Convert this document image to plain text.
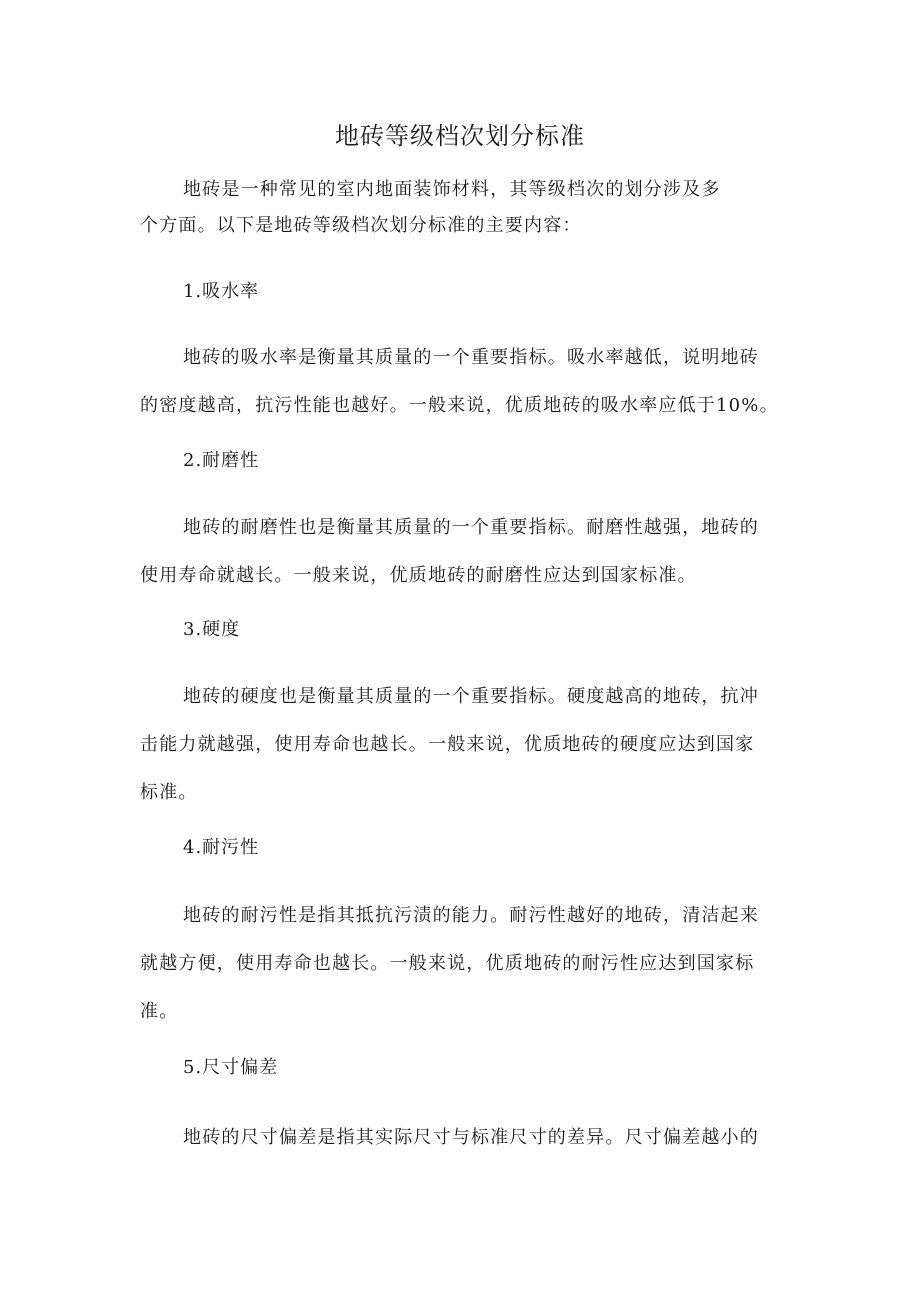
地砖等级档次划分标准
地砖是一种常见的室内地面装饰材料，其等级档次的划分涉及多
个方面。以下是地砖等级档次划分标准的主要内容：
1.吸水率
地砖的吸水率是衡量其质量的一个重要指标。吸水率越低，说明地砖
的密度越高，抗污性能也越好。一般来说，优质地砖的吸水率应低于10%。
2.耐磨性
地砖的耐磨性也是衡量其质量的一个重要指标。耐磨性越强，地砖的
使用寿命就越长。一般来说，优质地砖的耐磨性应达到国家标准。
3.硬度
地砖的硬度也是衡量其质量的一个重要指标。硬度越高的地砖，抗冲
击能力就越强，使用寿命也越长。一般来说，优质地砖的硬度应达到国家
标准。
4.耐污性
地砖的耐污性是指其抵抗污渍的能力。耐污性越好的地砖，清洁起来
就越方便，使用寿命也越长。一般来说，优质地砖的耐污性应达到国家标
准。
5.尺寸偏差
地砖的尺寸偏差是指其实际尺寸与标准尺寸的差异。尺寸偏差越小的
